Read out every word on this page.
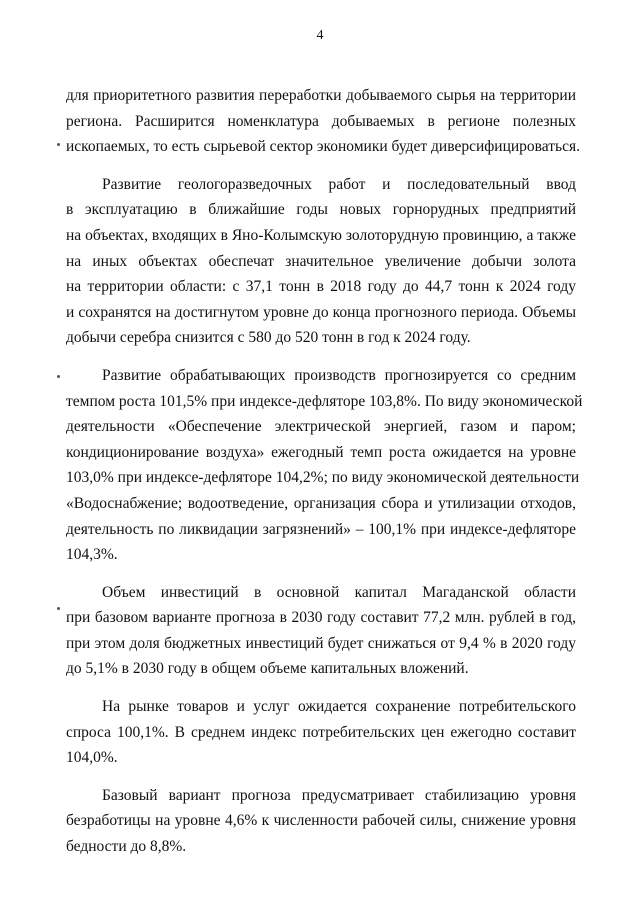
4
для приоритетного развития переработки добываемого сырья на территории
региона. Расширится номенклатура добываемых в регионе полезных
ископаемых, то есть сырьевой сектор экономики будет диверсифицироваться.
Развитие геологоразведочных работ и последовательный ввод
в эксплуатацию в ближайшие годы новых горнорудных предприятий
на объектах, входящих в Яно-Колымскую золоторудную провинцию, а также
на иных объектах обеспечат значительное увеличение добычи золота
на территории области: с 37,1 тонн в 2018 году до 44,7 тонн к 2024 году
и сохранятся на достигнутом уровне до конца прогнозного периода. Объемы
добычи серебра снизится с 580 до 520 тонн в год к 2024 году.
Развитие обрабатывающих производств прогнозируется со средним
темпом роста 101,5% при индексе-дефляторе 103,8%. По виду экономической
деятельности «Обеспечение электрической энергией, газом и паром;
кондиционирование воздуха» ежегодный темп роста ожидается на уровне
103,0% при индексе-дефляторе 104,2%; по виду экономической деятельности
«Водоснабжение; водоотведение, организация сбора и утилизации отходов,
деятельность по ликвидации загрязнений» – 100,1% при индексе-дефляторе
104,3%.
Объем инвестиций в основной капитал Магаданской области
при базовом варианте прогноза в 2030 году составит 77,2 млн. рублей в год,
при этом доля бюджетных инвестиций будет снижаться от 9,4 % в 2020 году
до 5,1% в 2030 году в общем объеме капитальных вложений.
На рынке товаров и услуг ожидается сохранение потребительского
спроса 100,1%. В среднем индекс потребительских цен ежегодно составит
104,0%.
Базовый вариант прогноза предусматривает стабилизацию уровня
безработицы на уровне 4,6% к численности рабочей силы, снижение уровня
бедности до 8,8%.
